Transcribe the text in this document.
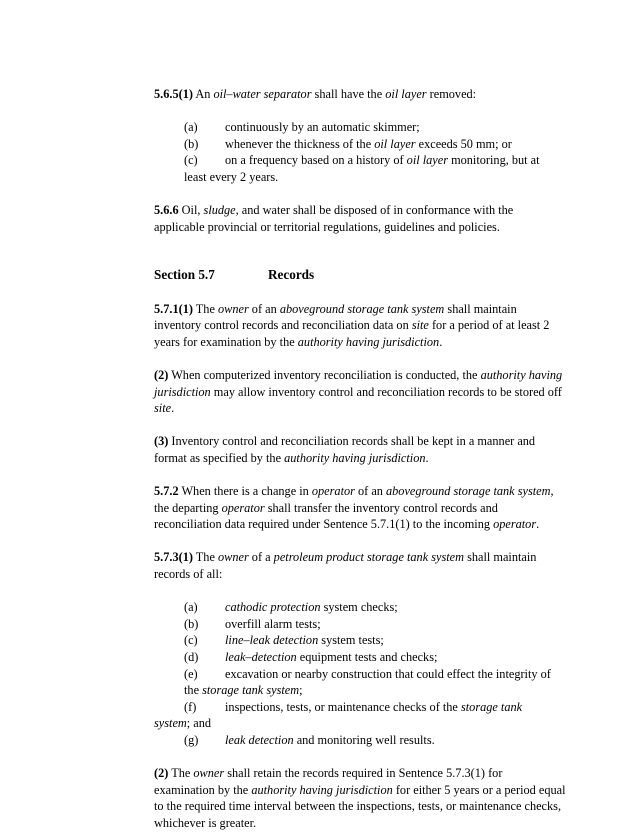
5.6.5(1) An oil–water separator shall have the oil layer removed:

(a)	continuously by an automatic skimmer;
(b)	whenever the thickness of the oil layer exceeds 50 mm; or
(c)	on a frequency based on a history of oil layer monitoring, but at
least every 2 years.

5.6.6 Oil, sludge, and water shall be disposed of in conformance with the applicable provincial or territorial regulations, guidelines and policies.

Section 5.7	Records

5.7.1(1) The owner of an aboveground storage tank system shall maintain inventory control records and reconciliation data on site for a period of at least 2 years for examination by the authority having jurisdiction.

(2) When computerized inventory reconciliation is conducted, the authority having jurisdiction may allow inventory control and reconciliation records to be stored off site.

(3) Inventory control and reconciliation records shall be kept in a manner and format as specified by the authority having jurisdiction.

5.7.2 When there is a change in operator of an aboveground storage tank system, the departing operator shall transfer the inventory control records and reconciliation data required under Sentence 5.7.1(1) to the incoming operator.

5.7.3(1) The owner of a petroleum product storage tank system shall maintain records of all:

(a)	cathodic protection system checks;
(b)	overfill alarm tests;
(c)	line–leak detection system tests;
(d)	leak–detection equipment tests and checks;
(e)	excavation or nearby construction that could effect the integrity of
the storage tank system;
(f)	inspections, tests, or maintenance checks of the storage tank
system; and
(g)	leak detection and monitoring well results.

(2) The owner shall retain the records required in Sentence 5.7.3(1) for examination by the authority having jurisdiction for either 5 years or a period equal to the required time interval between the inspections, tests, or maintenance checks, whichever is greater.
